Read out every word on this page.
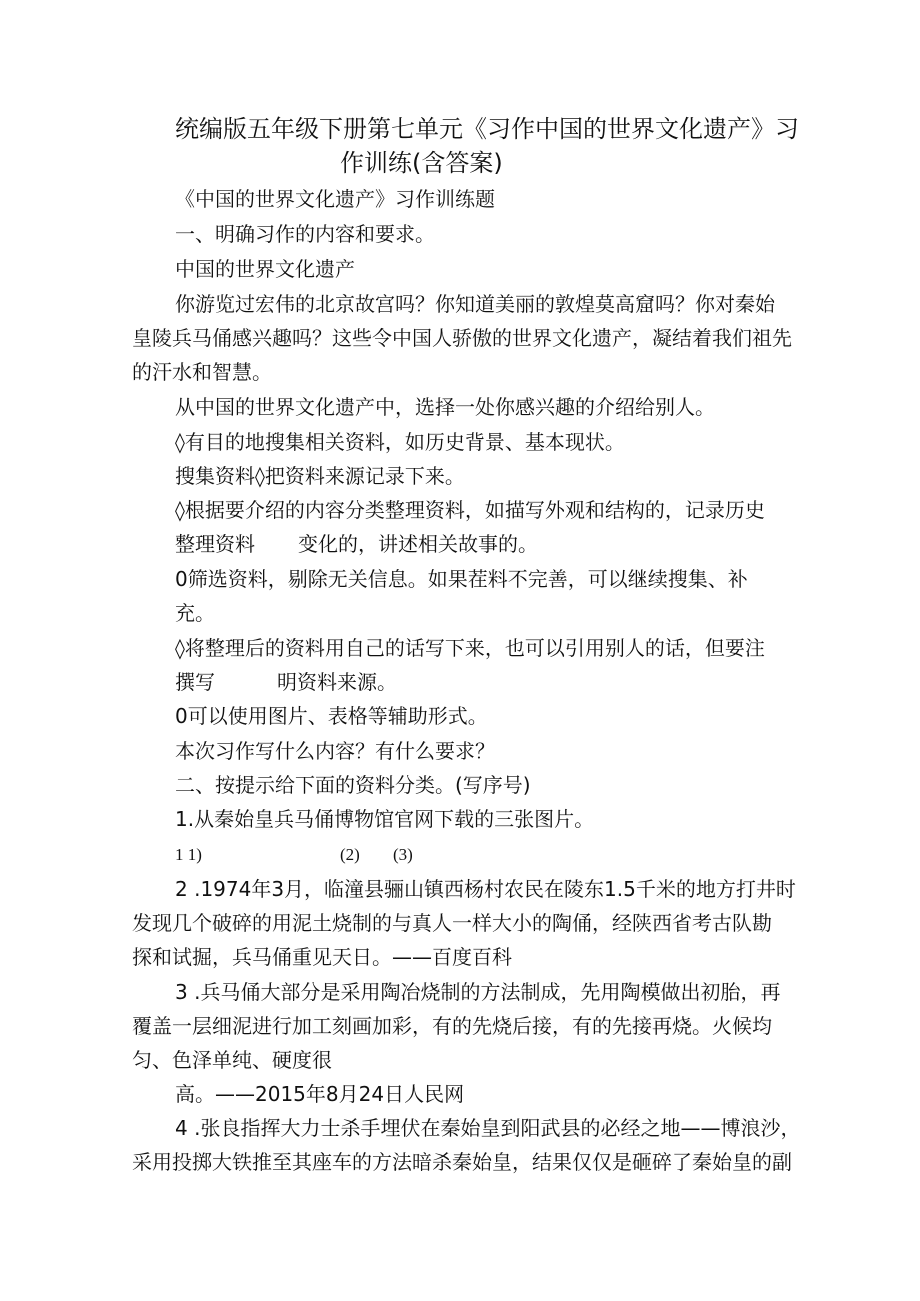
统编版五年级下册第七单元《习作中国的世界文化遗产》习
作训练(含答案)
《中国的世界文化遗产》习作训练题
一、明确习作的内容和要求。
中国的世界文化遗产
你游览过宏伟的北京故宫吗？你知道美丽的敦煌莫高窟吗？你对秦始
皇陵兵马俑感兴趣吗？这些令中国人骄傲的世界文化遗产，凝结着我们祖先
的汗水和智慧。
从中国的世界文化遗产中，选择一处你感兴趣的介绍给别人。
◊有目的地搜集相关资料，如历史背景、基本现状。
搜集资料◊把资料来源记录下来。
◊根据要介绍的内容分类整理资料，如描写外观和结构的，记录历史
整理资料 变化的，讲述相关故事的。
0筛选资料，剔除无关信息。如果茬料不完善，可以继续搜集、补
充。
◊将整理后的资料用自己的话写下来，也可以引用别人的话，但要注
撰写	明资料来源。
0可以使用图片、表格等辅助形式。
本次习作写什么内容？有什么要求？
二、按提示给下面的资料分类。(写序号)
1.从秦始皇兵马俑博物馆官网下载的三张图片。
1 1)	(2) (3)
2 .1974年3月，临潼县骊山镇西杨村农民在陵东1.5千米的地方打井时
发现几个破碎的用泥土烧制的与真人一样大小的陶俑，经陕西省考古队勘
探和试掘，兵马俑重见天日。——百度百科
3 .兵马俑大部分是采用陶冶烧制的方法制成，先用陶模做出初胎，再
覆盖一层细泥进行加工刻画加彩，有的先烧后接，有的先接再烧。火候均
匀、色泽单纯、硬度很
高。——2015年8月24日人民网
4 .张良指挥大力士杀手埋伏在秦始皇到阳武县的必经之地——博浪沙，
采用投掷大铁推至其座车的方法暗杀秦始皇，结果仅仅是砸碎了秦始皇的副
